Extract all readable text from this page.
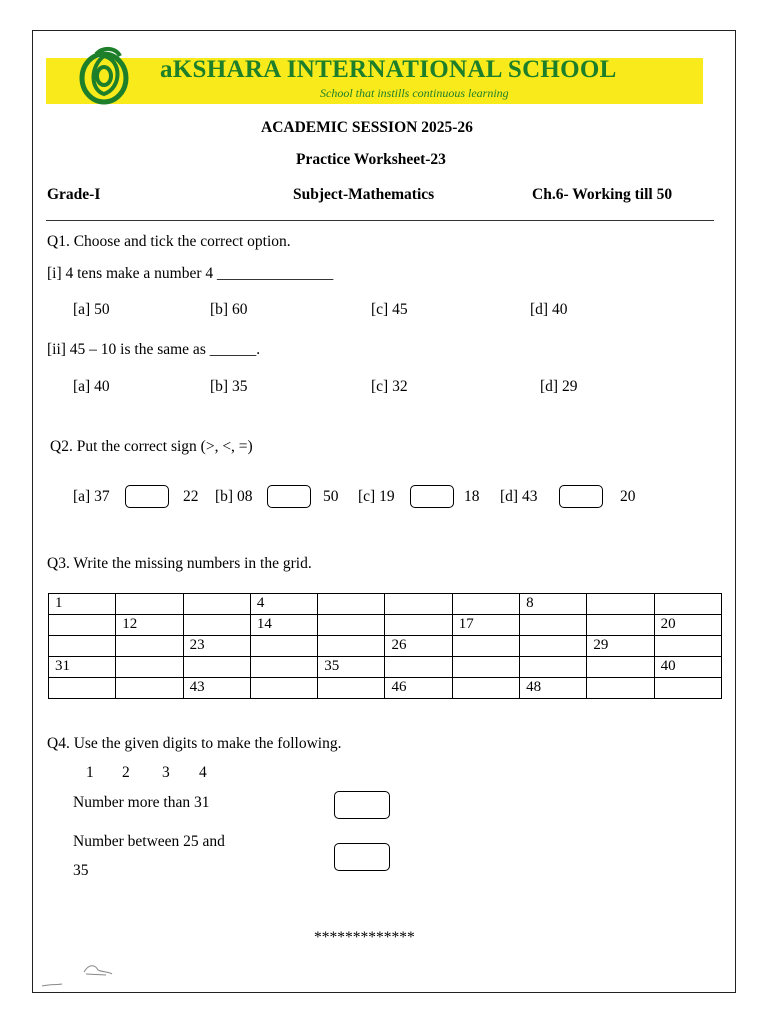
aKSHARA INTERNATIONAL SCHOOL
School that instills continuous learning
ACADEMIC SESSION 2025-26
Practice Worksheet-23
Grade-I	Subject-Mathematics	Ch.6- Working till 50
Q1. Choose and tick the correct option.
[i] 4 tens make a number 4 _______________
[a] 50	[b] 60	[c] 45	[d] 40
[ii] 45 – 10 is the same as ______.
[a] 40	[b] 35	[c] 32	[d] 29
Q2. Put the correct sign (>, <, =)
[a] 37	22 [b] 08	50 [c] 19	18 [d] 43	20
Q3. Write the missing numbers in the grid.
1			4				8		
	12		14			17			20
		23			26			29	
31				35					40
		43			46		48		
Q4. Use the given digits to make the following.
1 2 3 4
Number more than 31
Number between 25 and
35
*************
